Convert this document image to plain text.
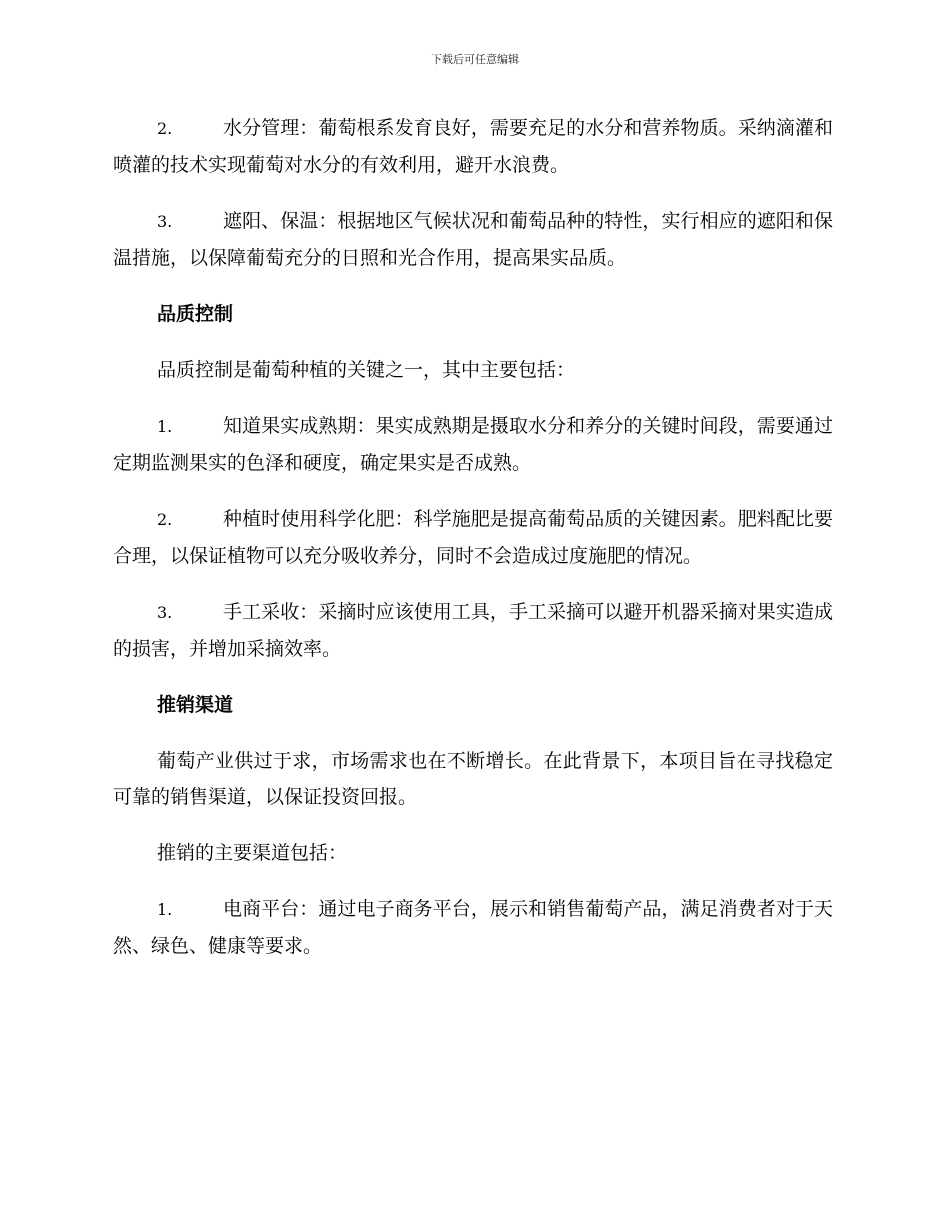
下载后可任意编辑

2.	水分管理：葡萄根系发育良好，需要充足的水分和营养物质。采纳滴灌和喷灌的技术实现葡萄对水分的有效利用，避开水浪费。

3.	遮阳、保温：根据地区气候状况和葡萄品种的特性，实行相应的遮阳和保温措施，以保障葡萄充分的日照和光合作用，提高果实品质。

品质控制

品质控制是葡萄种植的关键之一，其中主要包括：

1.	知道果实成熟期：果实成熟期是摄取水分和养分的关键时间段，需要通过定期监测果实的色泽和硬度，确定果实是否成熟。

2.	种植时使用科学化肥：科学施肥是提高葡萄品质的关键因素。肥料配比要合理，以保证植物可以充分吸收养分，同时不会造成过度施肥的情况。

3.	手工采收：采摘时应该使用工具，手工采摘可以避开机器采摘对果实造成的损害，并增加采摘效率。

推销渠道

葡萄产业供过于求，市场需求也在不断增长。在此背景下，本项目旨在寻找稳定可靠的销售渠道，以保证投资回报。

推销的主要渠道包括：

1.	电商平台：通过电子商务平台，展示和销售葡萄产品，满足消费者对于天然、绿色、健康等要求。
